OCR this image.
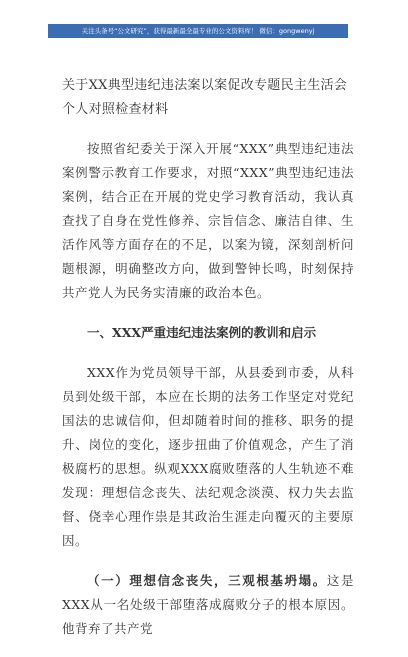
关注头条号“公文研究”，获得最新最全最专业的公文资料库！ 微信：gongwenyj
关于XX典型违纪违法案以案促改专题民主生活会个人对照检查材料

按照省纪委关于深入开展“XXX”典型违纪违法案例警示教育工作要求，对照“XXX”典型违纪违法案例，结合正在开展的党史学习教育活动，我认真查找了自身在党性修养、宗旨信念、廉洁自律、生活作风等方面存在的不足，以案为镜，深刻剖析问题根源，明确整改方向，做到警钟长鸣，时刻保持共产党人为民务实清廉的政治本色。

一、XXX严重违纪违法案例的教训和启示

XXX作为党员领导干部，从县委到市委，从科员到处级干部，本应在长期的法务工作坚定对党纪国法的忠诚信仰，但却随着时间的推移、职务的提升、岗位的变化，逐步扭曲了价值观念，产生了消极腐朽的思想。纵观XXX腐败堕落的人生轨迹不难发现：理想信念丧失、法纪观念淡漠、权力失去监督、侥幸心理作祟是其政治生涯走向覆灭的主要原因。

（一）理想信念丧失，三观根基坍塌。这是XXX从一名处级干部堕落成腐败分子的根本原因。他背弃了共产党
